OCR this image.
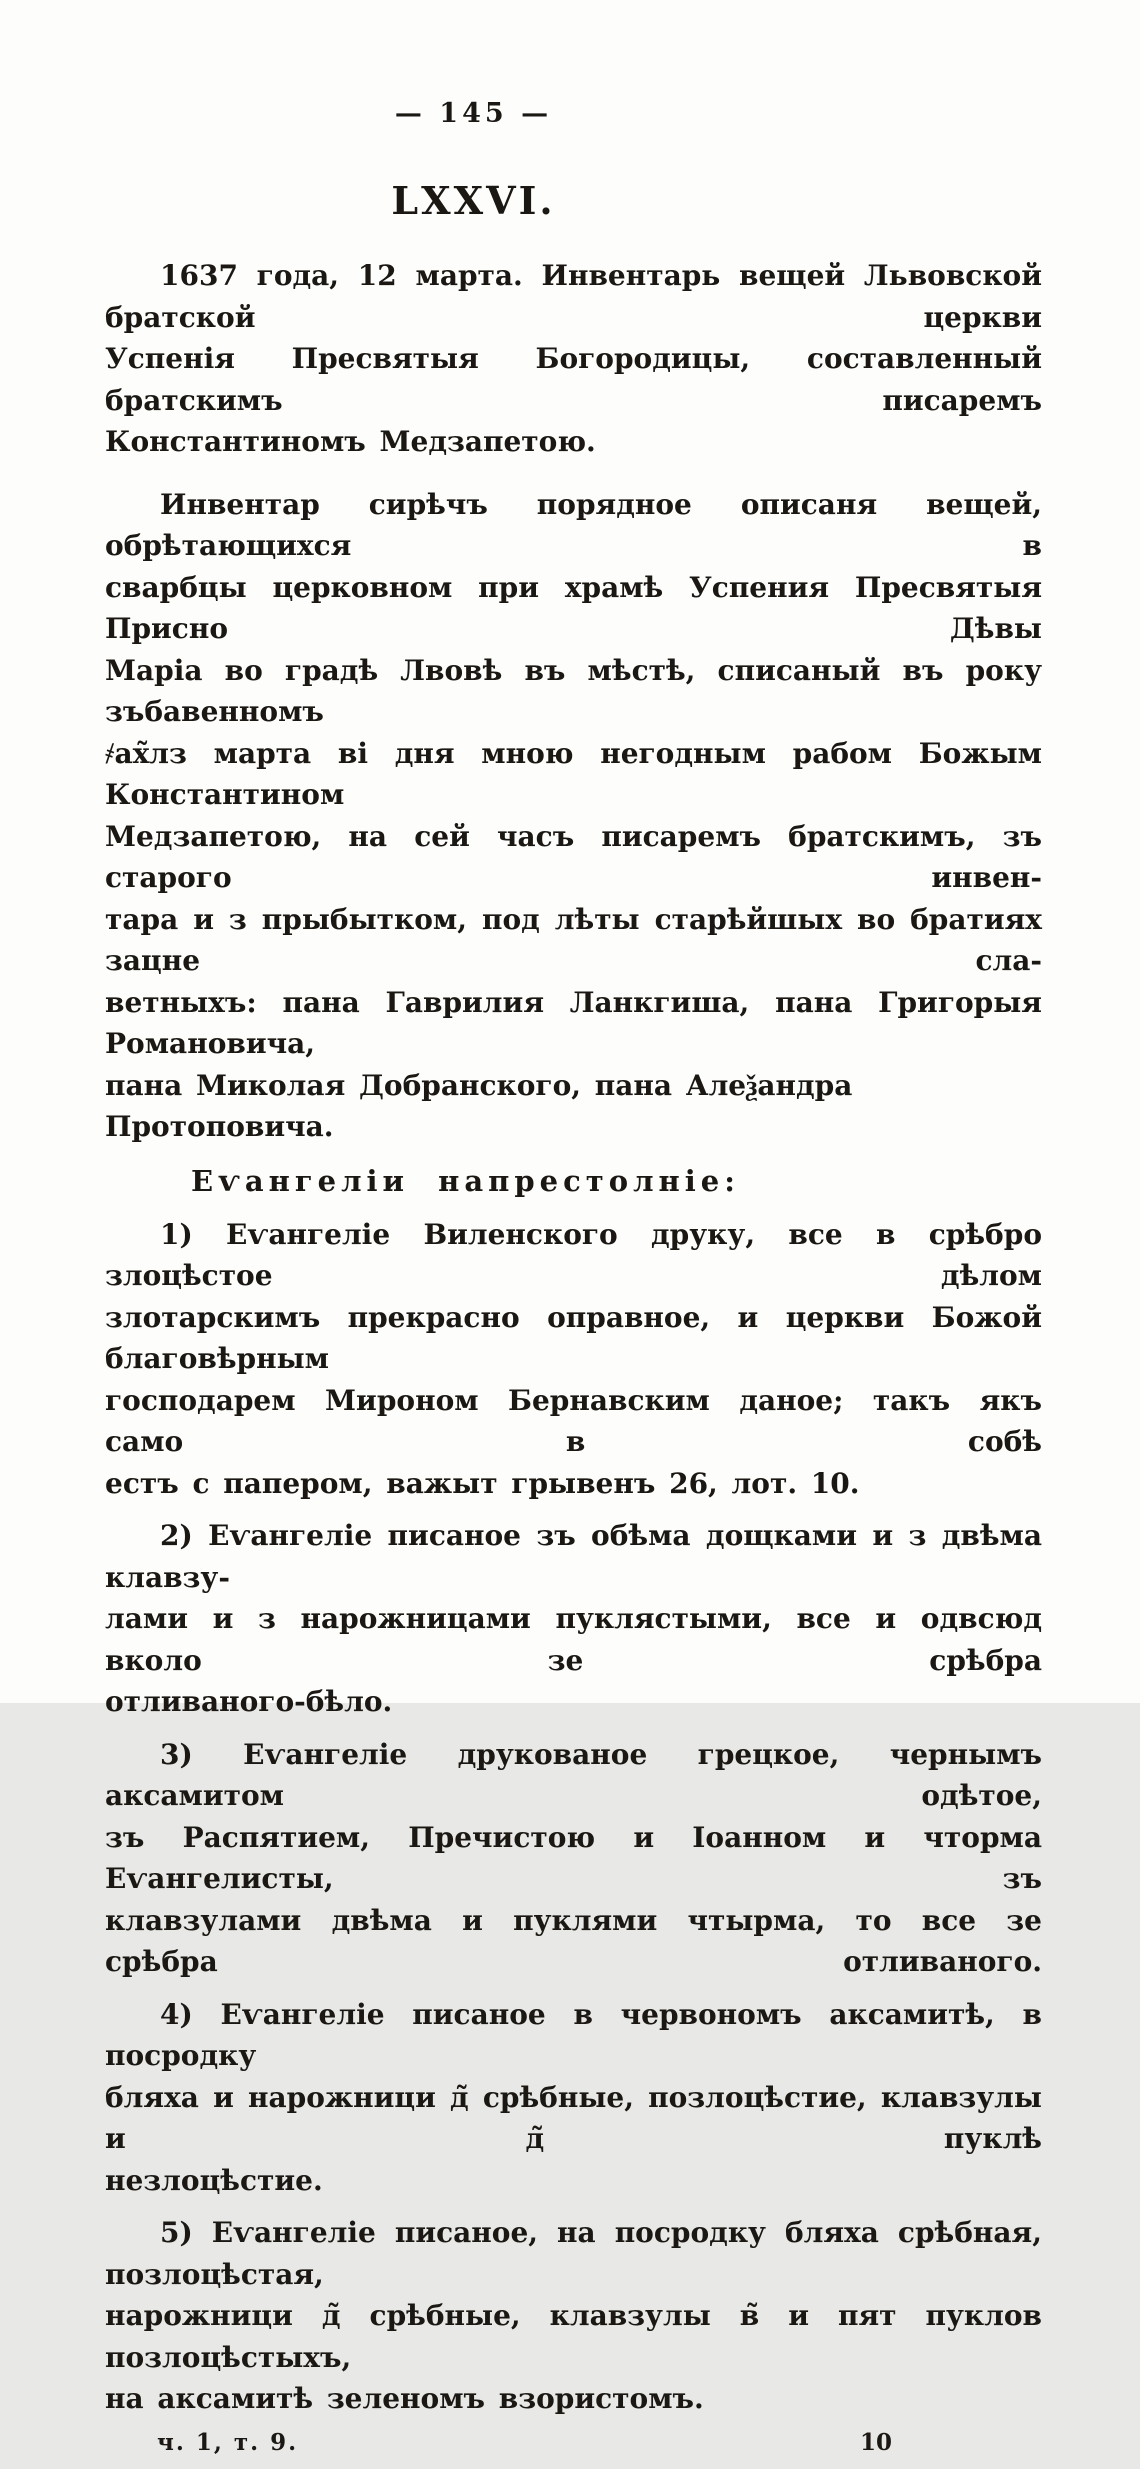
— 145 —
LXXVI.
1637 года, 12 марта. Инвентарь вещей Львовской братской церкви
Успенія Пресвятыя Богородицы, составленный братскимъ писаремъ
Константиномъ Медзапетою.
Инвентар сирѣчъ порядное описаня вещей, обрѣтающихся в
сварбцы церковном при храмѣ Успения Пресвятыя Присно Дѣвы
Маріа во градѣ Лвовѣ въ мѣстѣ, списаный въ року зъбавенномъ
҂ах̃лз марта ві дня мною негодным рабом Божым Константином
Медзапетою, на сей часъ писаремъ братскимъ, зъ старого инвен-
тара и з прыбытком, под лѣты старѣйшых во братиях зацне сла-
ветныхъ: пана Гаврилия Ланкгиша, пана Григорыя Романовича,
пана Миколая Добранского, пана Алеѯандра Протоповича.
Еѵангеліи напрестолніе:
1) Еѵангеліе Виленского друку, все в срѣбро злоцѣстое дѣлом
злотарскимъ прекрасно оправное, и церкви Божой благовѣрным
господарем Мироном Бернавским даное; такъ якъ само в собѣ
естъ с папером, важыт грывенъ 26, лот. 10.
2) Еѵангеліе писаное зъ обѣма дощками и з двѣма клавзу-
лами и з нарожницами пуклястыми, все и одвсюд вколо зе срѣбра
отливаного-бѣло.
3) Еѵангеліе друкованое грецкое, чернымъ аксамитом одѣтое,
зъ Распятием, Пречистою и Іоанном и чторма Еѵангелисты, зъ
клавзулами двѣма и пуклями чтырма, то все зе срѣбра отливаного.
4) Еѵангеліе писаное в червономъ аксамитѣ, в посродку
бляха и нарожници д̃ срѣбные, позлоцѣстие, клавзулы и д̃ пуклѣ
незлоцѣстие.
5) Еѵангеліе писаное, на посродку бляха срѣбная, позлоцѣстая,
нарожници д̃ срѣбные, клавзулы в̃ и пят пуклов позлоцѣстыхъ,
на аксамитѣ зеленомъ взористомъ.
ч. 1, т. 9.	10
